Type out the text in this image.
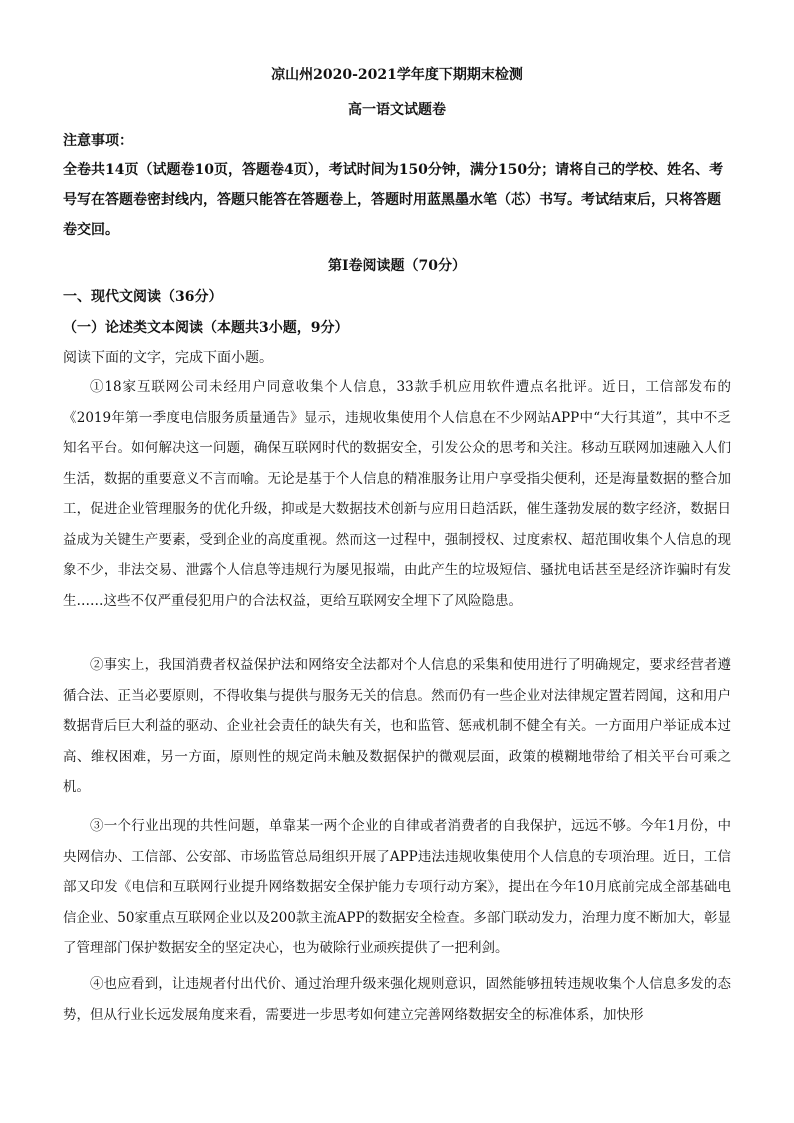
凉山州2020-2021学年度下期期末检测
高一语文试题卷
注意事项：
全卷共14页（试题卷10页，答题卷4页），考试时间为150分钟，满分150分；请将自己的学校、姓名、考号写在答题卷密封线内，答题只能答在答题卷上，答题时用蓝黑墨水笔（芯）书写。考试结束后，只将答题卷交回。
第I卷阅读题（70分）
一、现代文阅读（36分）
（一）论述类文本阅读（本题共3小题，9分）
阅读下面的文字，完成下面小题。
①18家互联网公司未经用户同意收集个人信息，33款手机应用软件遭点名批评。近日，工信部发布的《2019年第一季度电信服务质量通告》显示，违规收集使用个人信息在不少网站APP中“大行其道”，其中不乏知名平台。如何解决这一问题，确保互联网时代的数据安全，引发公众的思考和关注。移动互联网加速融入人们生活，数据的重要意义不言而喻。无论是基于个人信息的精准服务让用户享受指尖便利，还是海量数据的整合加工，促进企业管理服务的优化升级，抑或是大数据技术创新与应用日趋活跃，催生蓬勃发展的数字经济，数据日益成为关键生产要素，受到企业的高度重视。然而这一过程中，强制授权、过度索权、超范围收集个人信息的现象不少，非法交易、泄露个人信息等违规行为屡见报端，由此产生的垃圾短信、骚扰电话甚至是经济诈骗时有发生……这些不仅严重侵犯用户的合法权益，更给互联网安全埋下了风险隐患。
②事实上，我国消费者权益保护法和网络安全法都对个人信息的采集和使用进行了明确规定，要求经营者遵循合法、正当必要原则，不得收集与提供与服务无关的信息。然而仍有一些企业对法律规定置若罔闻，这和用户数据背后巨大利益的驱动、企业社会责任的缺失有关，也和监管、惩戒机制不健全有关。一方面用户举证成本过高、维权困难，另一方面，原则性的规定尚未触及数据保护的微观层面，政策的模糊地带给了相关平台可乘之机。
③一个行业出现的共性问题，单靠某一两个企业的自律或者消费者的自我保护，远远不够。今年1月份，中央网信办、工信部、公安部、市场监管总局组织开展了APP违法违规收集使用个人信息的专项治理。近日，工信部又印发《电信和互联网行业提升网络数据安全保护能力专项行动方案》，提出在今年10月底前完成全部基础电信企业、50家重点互联网企业以及200款主流APP的数据安全检查。多部门联动发力，治理力度不断加大，彰显了管理部门保护数据安全的坚定决心，也为破除行业顽疾提供了一把利剑。
④也应看到，让违规者付出代价、通过治理升级来强化规则意识，固然能够扭转违规收集个人信息多发的态势，但从行业长远发展角度来看，需要进一步思考如何建立完善网络数据安全的标准体系，加快形
